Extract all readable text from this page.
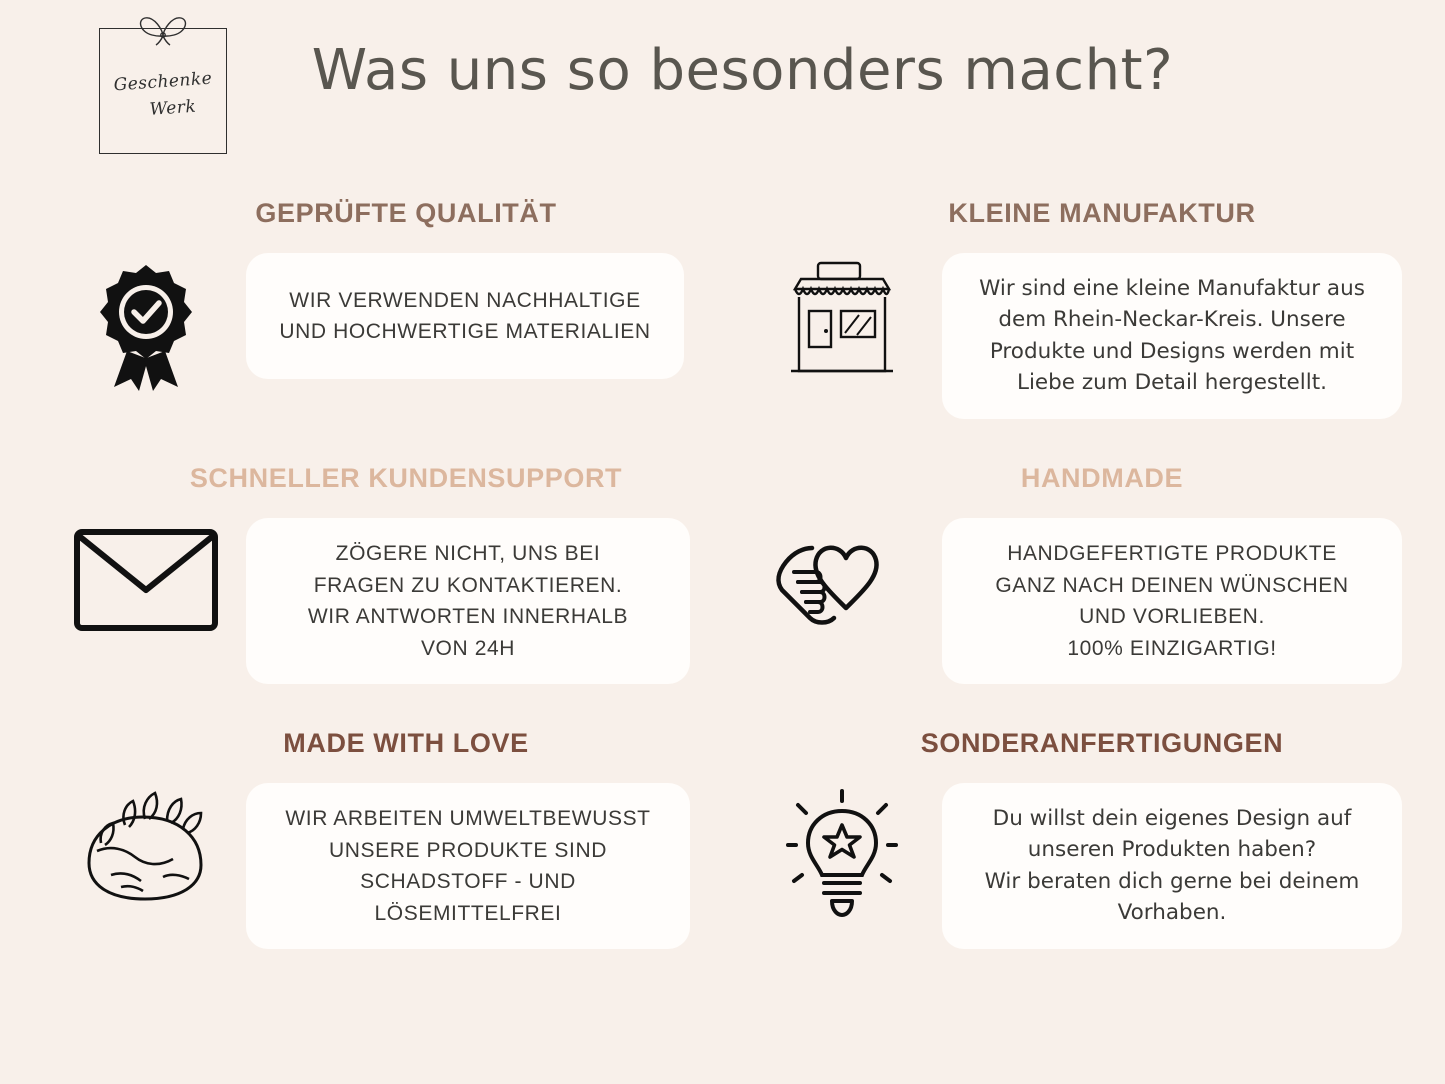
Geschenke
Werk
Was uns so besonders macht?
GEPRÜFTE QUALITÄT

WIR VERWENDEN NACHHALTIGE
UND HOCHWERTIGE MATERIALIEN

KLEINE MANUFAKTUR

Wir sind eine kleine Manufaktur aus
dem Rhein-Neckar-Kreis. Unsere
Produkte und Designs werden mit
Liebe zum Detail hergestellt.

SCHNELLER KUNDENSUPPORT

ZÖGERE NICHT, UNS BEI
FRAGEN ZU KONTAKTIEREN.
WIR ANTWORTEN INNERHALB
VON 24H

HANDMADE

HANDGEFERTIGTE PRODUKTE
GANZ NACH DEINEN WÜNSCHEN
UND VORLIEBEN.
100% EINZIGARTIG!

MADE WITH LOVE

WIR ARBEITEN UMWELTBEWUSST
UNSERE PRODUKTE SIND
SCHADSTOFF - UND
LÖSEMITTELFREI

SONDERANFERTIGUNGEN

Du willst dein eigenes Design auf
unseren Produkten haben?
Wir beraten dich gerne bei deinem
Vorhaben.
